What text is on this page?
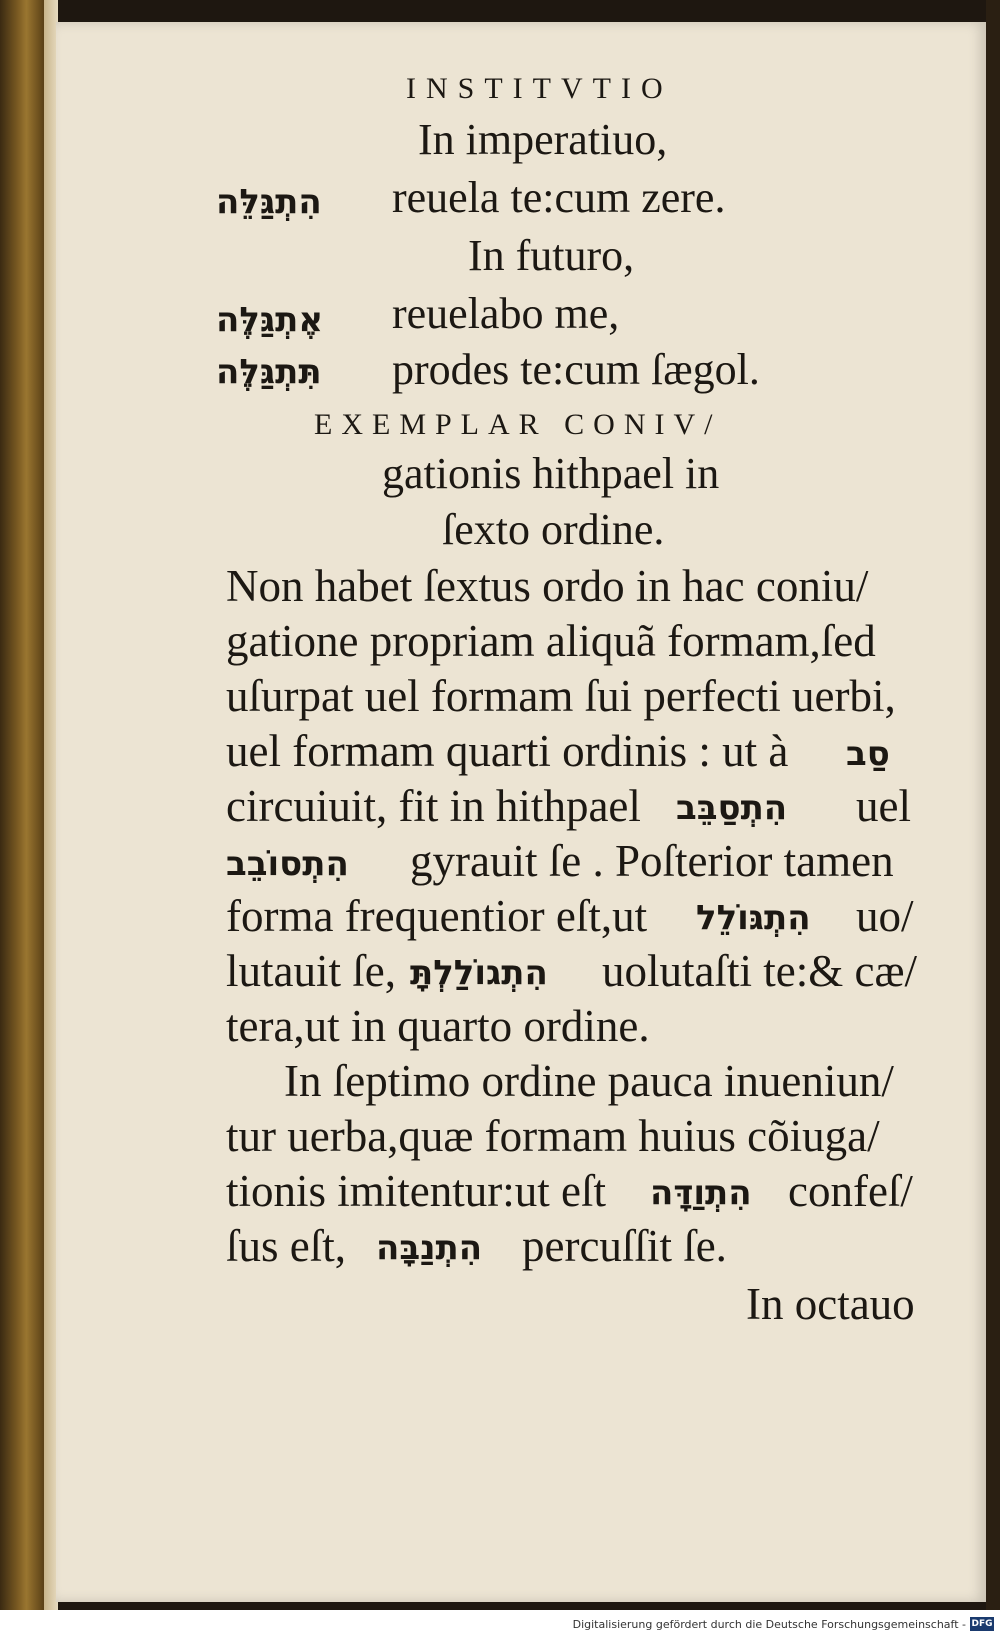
INSTITVTIO
In imperatiuo,
הִתְגַּלֵּה reuela te:cum zere.
In futuro,
אֶתְגַּלֶּה reuelabo me,
תִּתְגַּלֶּה prodes te:cum ſægol.
EXEMPLAR CONIV/
gationis hithpael in
ſexto ordine.
Non habet ſextus ordo in hac coniu/
gatione propriam aliquã formam,ſed
uſurpat uel formam ſui perfecti uerbi,
uel formam quarti ordinis : ut à סַב
circuiuit, fit in hithpael הִתְסַבֵּב uel
הִתְסוֹבֵב gyrauit ſe . Poſterior tamen
forma frequentior eſt,ut הִתְגּוֹלֵל uo/
lutauit ſe, הִתְגוֹלַלְתָּ uolutaſti te:& cæ/
tera,ut in quarto ordine.
In ſeptimo ordine pauca inueniun/
tur uerba,quæ formam huius cõiuga/
tionis imitentur:ut eſt הִתְוַדָּה confeſ/
ſus eſt, הִתְנַבָּה percuſſit ſe.
In octauo
Digitalisierung gefördert durch die Deutsche Forschungsgemeinschaft - DFG
